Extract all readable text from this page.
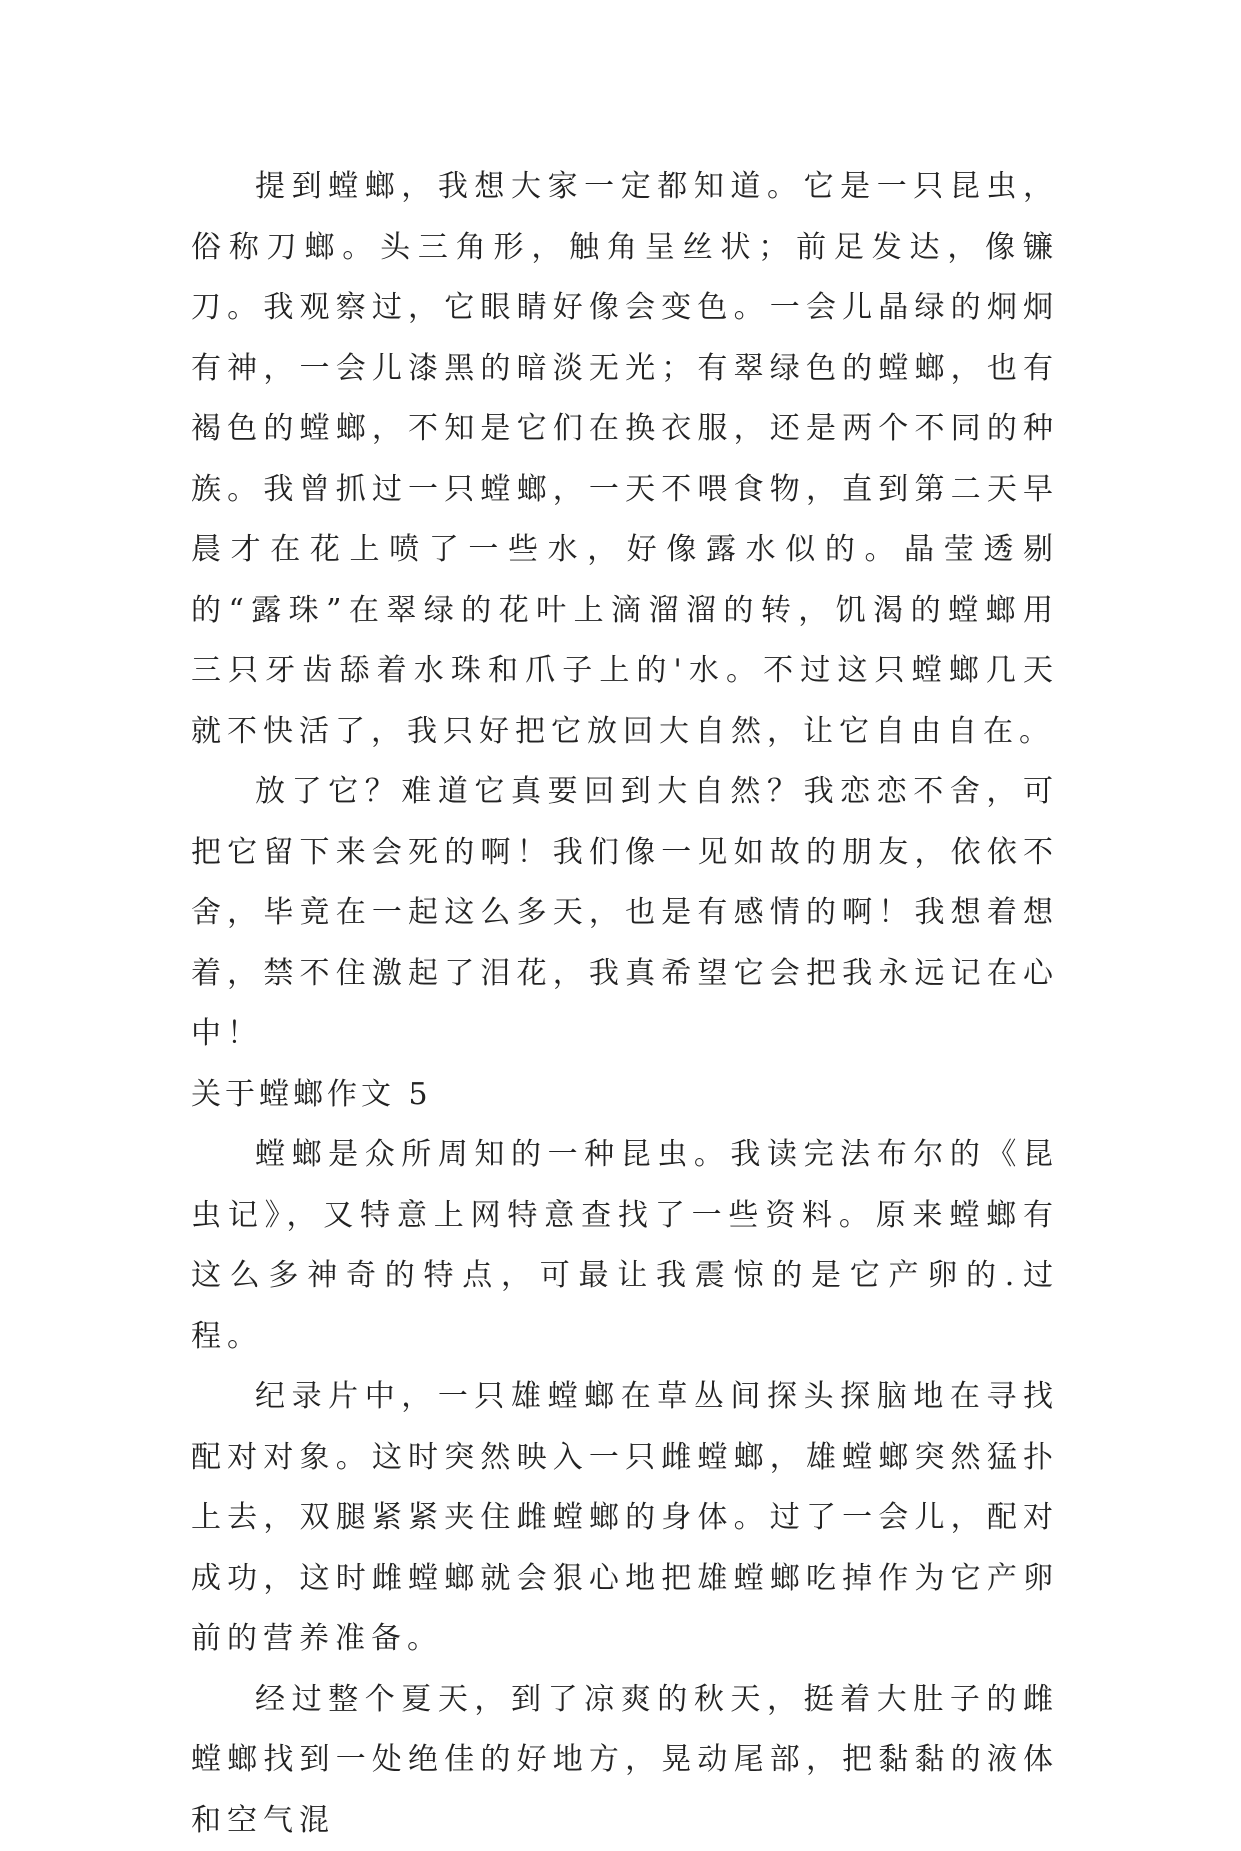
提到螳螂，我想大家一定都知道。它是一只昆虫，俗称刀螂。头三角形，触角呈丝状；前足发达，像镰刀。我观察过，它眼睛好像会变色。一会儿晶绿的炯炯有神，一会儿漆黑的暗淡无光；有翠绿色的螳螂，也有褐色的螳螂，不知是它们在换衣服，还是两个不同的种族。我曾抓过一只螳螂，一天不喂食物，直到第二天早晨才在花上喷了一些水，好像露水似的。晶莹透剔的“露珠”在翠绿的花叶上滴溜溜的转，饥渴的螳螂用三只牙齿舔着水珠和爪子上的'水。不过这只螳螂几天就不快活了，我只好把它放回大自然，让它自由自在。

放了它？难道它真要回到大自然？我恋恋不舍，可把它留下来会死的啊！我们像一见如故的朋友，依依不舍，毕竟在一起这么多天，也是有感情的啊！我想着想着，禁不住激起了泪花，我真希望它会把我永远记在心中！

关于螳螂作文 5

螳螂是众所周知的一种昆虫。我读完法布尔的《昆虫记》，又特意上网特意查找了一些资料。原来螳螂有这么多神奇的特点，可最让我震惊的是它产卵的.过程。

纪录片中，一只雄螳螂在草丛间探头探脑地在寻找配对对象。这时突然映入一只雌螳螂，雄螳螂突然猛扑上去，双腿紧紧夹住雌螳螂的身体。过了一会儿，配对成功，这时雌螳螂就会狠心地把雄螳螂吃掉作为它产卵前的营养准备。

经过整个夏天，到了凉爽的秋天，挺着大肚子的雌螳螂找到一处绝佳的好地方，晃动尾部，把黏黏的液体和空气混
